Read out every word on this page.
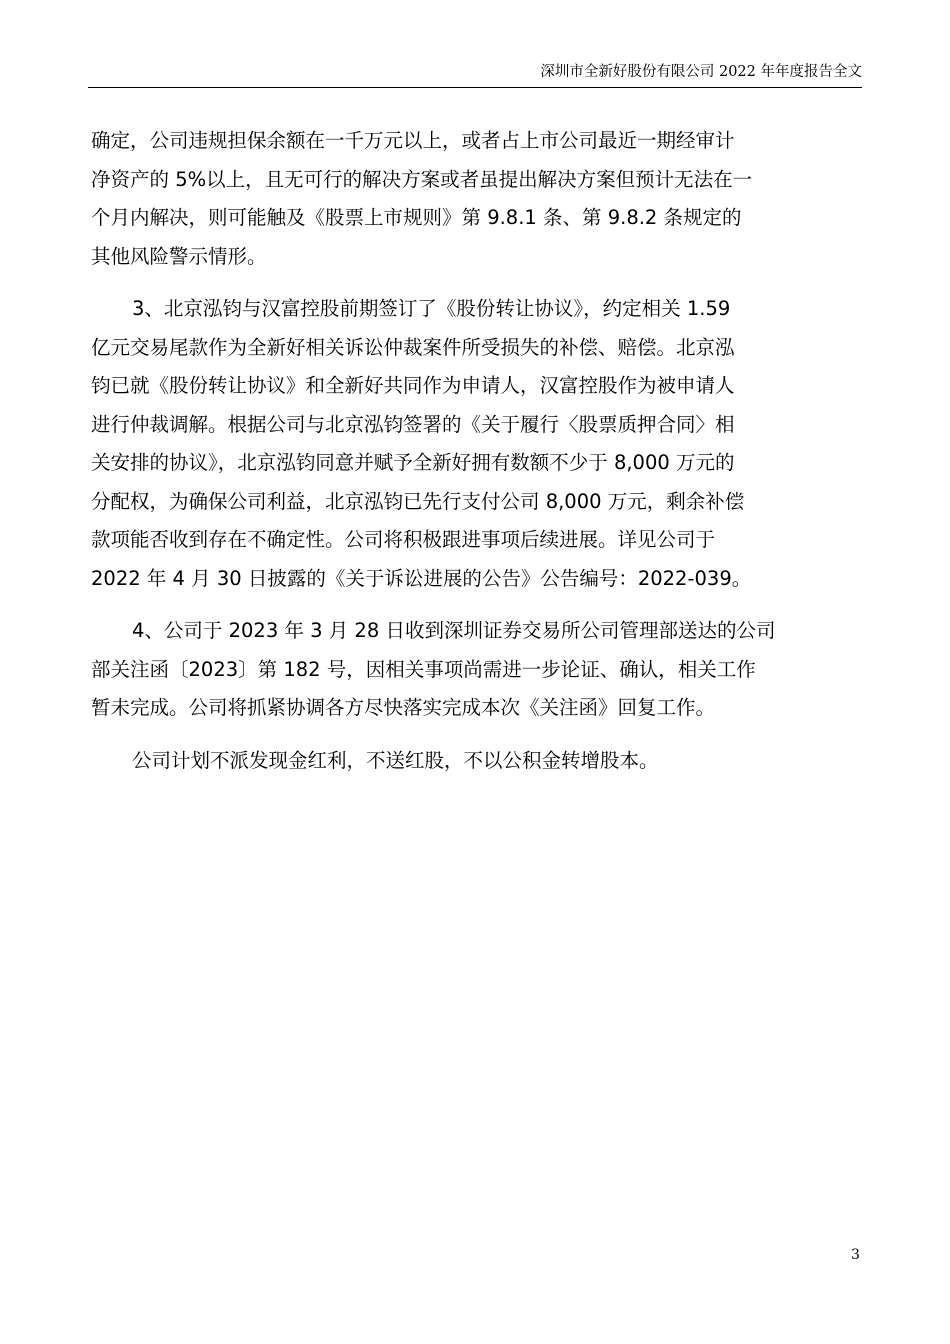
深圳市全新好股份有限公司 2022 年年度报告全文
确定，公司违规担保余额在一千万元以上，或者占上市公司最近一期经审计
净资产的 5%以上，且无可行的解决方案或者虽提出解决方案但预计无法在一
个月内解决，则可能触及《股票上市规则》第 9.8.1 条、第 9.8.2 条规定的
其他风险警示情形。
3、北京泓钧与汉富控股前期签订了《股份转让协议》，约定相关 1.59
亿元交易尾款作为全新好相关诉讼仲裁案件所受损失的补偿、赔偿。北京泓
钧已就《股份转让协议》和全新好共同作为申请人，汉富控股作为被申请人
进行仲裁调解。根据公司与北京泓钧签署的《关于履行〈股票质押合同〉相
关安排的协议》，北京泓钧同意并赋予全新好拥有数额不少于 8,000 万元的
分配权，为确保公司利益，北京泓钧已先行支付公司 8,000 万元，剩余补偿
款项能否收到存在不确定性。公司将积极跟进事项后续进展。详见公司于
2022 年 4 月 30 日披露的《关于诉讼进展的公告》公告编号：2022-039。
4、公司于 2023 年 3 月 28 日收到深圳证券交易所公司管理部送达的公司
部关注函〔2023〕第 182 号，因相关事项尚需进一步论证、确认，相关工作
暂未完成。公司将抓紧协调各方尽快落实完成本次《关注函》回复工作。
公司计划不派发现金红利，不送红股，不以公积金转增股本。
3
